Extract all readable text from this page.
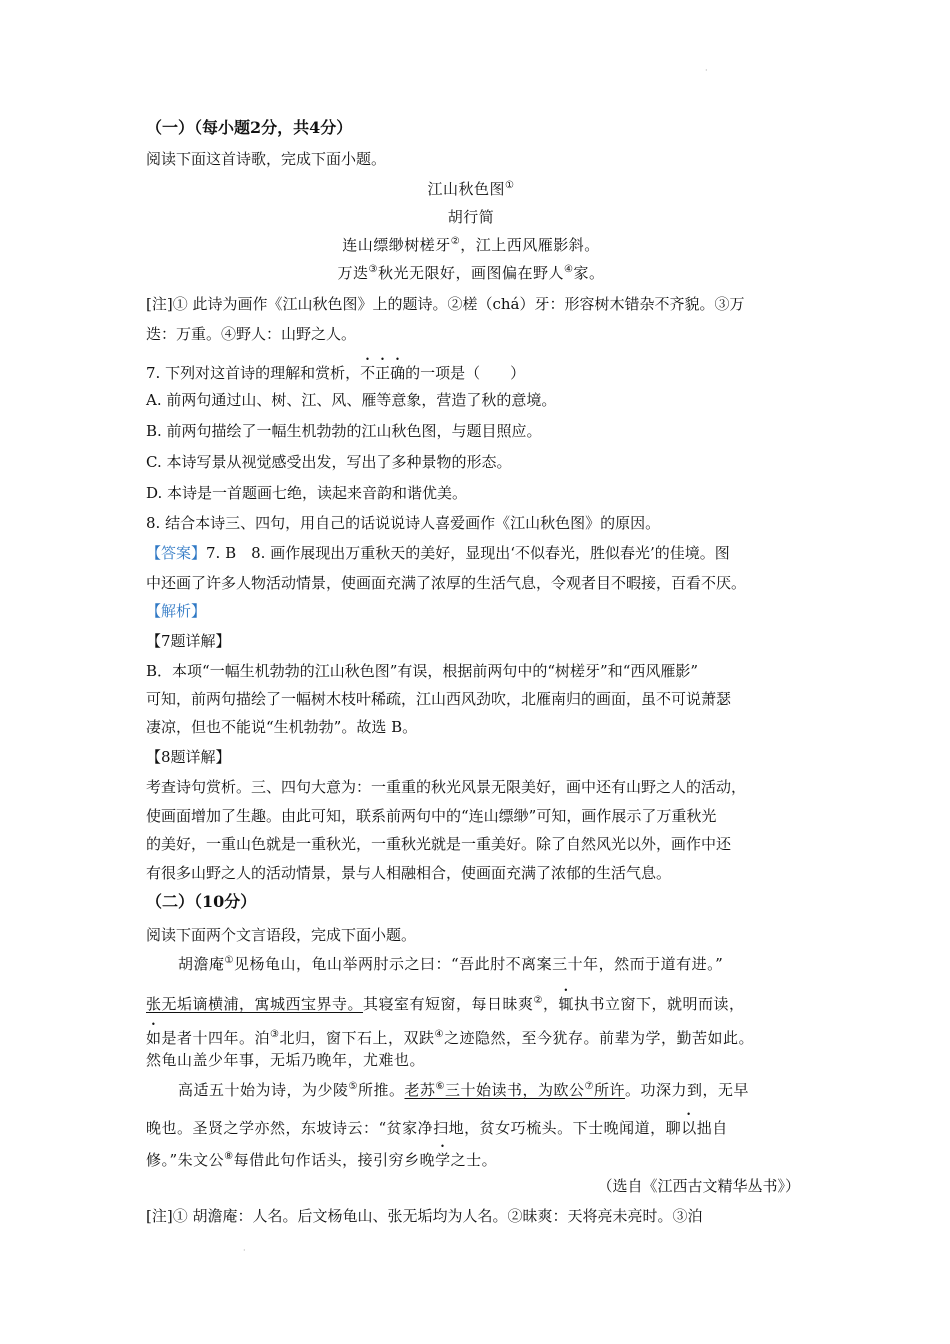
·
（一）（每小题2分，共4分）
阅读下面这首诗歌，完成下面小题。
江山秋色图①
胡行简
连山缥缈树槎牙②，江上西风雁影斜。
万迭③秋光无限好，画图偏在野人④家。
[注]① 此诗为画作《江山秋色图》上的题诗。②槎（chá）牙：形容树木错杂不齐貌。③万
迭：万重。④野人：山野之人。
7. 下列对这首诗的理解和赏析，不正确的一项是（　　）
A. 前两句通过山、树、江、风、雁等意象，营造了秋的意境。
B. 前两句描绘了一幅生机勃勃的江山秋色图，与题目照应。
C. 本诗写景从视觉感受出发，写出了多种景物的形态。
D. 本诗是一首题画七绝，读起来音韵和谐优美。
8. 结合本诗三、四句，用自己的话说说诗人喜爱画作《江山秋色图》的原因。
【答案】7. B　8. 画作展现出万重秋天的美好，显现出‘不似春光，胜似春光’的佳境。图
中还画了许多人物活动情景，使画面充满了浓厚的生活气息，令观者目不暇接，百看不厌。
【解析】
【7题详解】
B．本项“一幅生机勃勃的江山秋色图”有误，根据前两句中的“树槎牙”和“西风雁影”
可知，前两句描绘了一幅树木枝叶稀疏，江山西风劲吹，北雁南归的画面，虽不可说萧瑟
凄凉，但也不能说“生机勃勃”。故选 B。
【8题详解】
考查诗句赏析。三、四句大意为：一重重的秋光风景无限美好，画中还有山野之人的活动，
使画面增加了生趣。由此可知，联系前两句中的“连山缥缈”可知，画作展示了万重秋光
的美好，一重山色就是一重秋光，一重秋光就是一重美好。除了自然风光以外，画作中还
有很多山野之人的活动情景，景与人相融相合，使画面充满了浓郁的生活气息。
（二）（10分）
阅读下面两个文言语段，完成下面小题。
胡澹庵①见杨龟山，龟山举两肘示之曰：“吾此肘不离案三十年，然而于道有进。”
张无垢谪横浦，寓城西宝界寺。其寝室有短窗，每日昧爽②，辄执书立窗下，就明而读，
如是者十四年。泊③北归，窗下石上，双趺④之迹隐然，至今犹存。前辈为学，勤苦如此。
然龟山盖少年事，无垢乃晚年，尤难也。
高适五十始为诗，为少陵⑤所推。老苏⑥三十始读书，为欧公⑦所许。功深力到，无早
晚也。圣贤之学亦然，东坡诗云：“贫家净扫地，贫女巧梳头。下士晚闻道，聊以拙自
修。”朱文公⑧每借此句作话头，接引穷乡晚学之士。
（选自《江西古文精华丛书》）
[注]① 胡澹庵：人名。后文杨龟山、张无垢均为人名。②昧爽：天将亮未亮时。③泊
·
